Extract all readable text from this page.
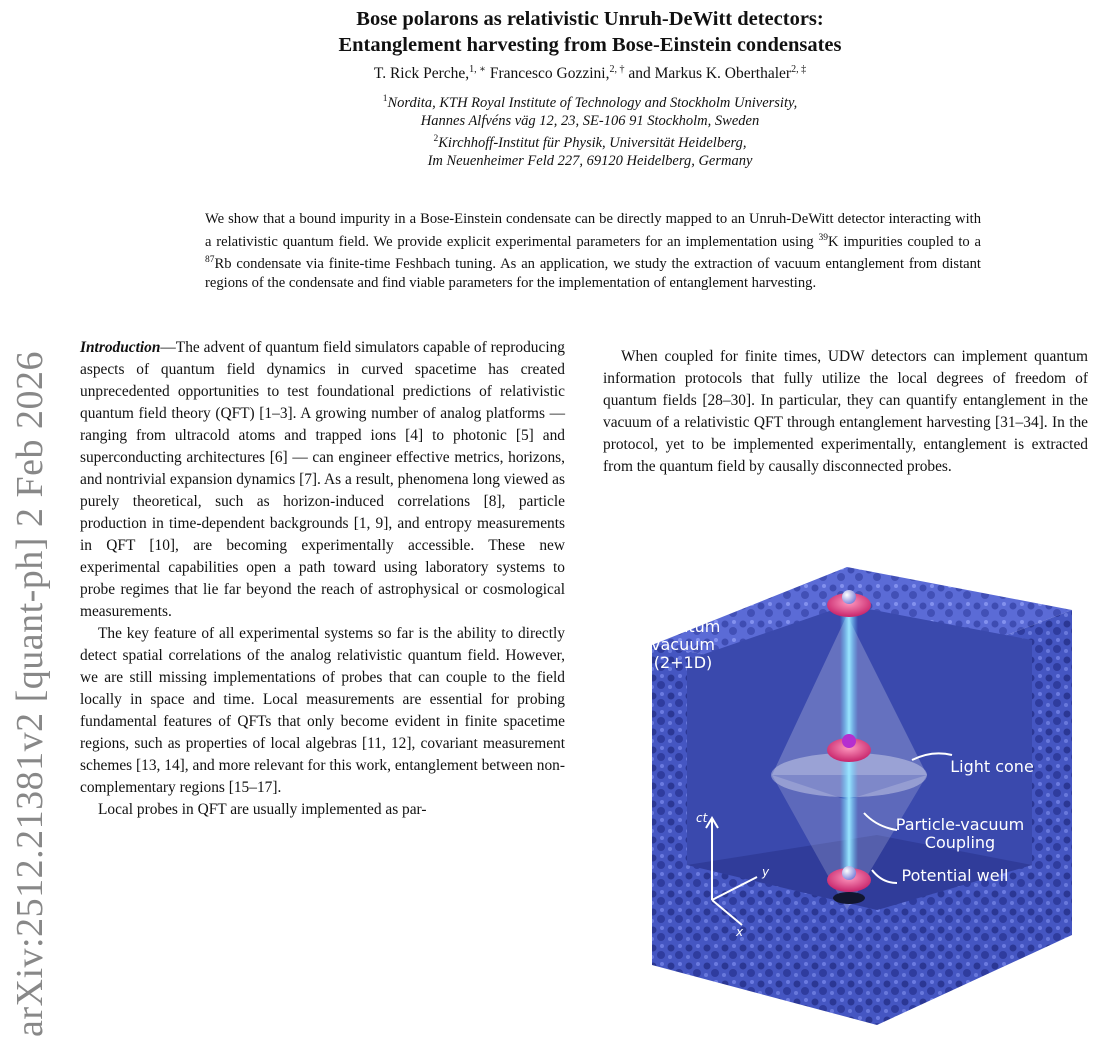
arXiv:2512.21381v2 [quant-ph] 2 Feb 2026
Bose polarons as relativistic Unruh-DeWitt detectors:
Entanglement harvesting from Bose-Einstein condensates
T. Rick Perche,$^{1, ∗}$ Francesco Gozzini,$^{2, \dagger}$ and Markus K. Oberthaler$^{2, \ddagger}$
$^1$Nordita, KTH Royal Institute of Technology and Stockholm University,
Hannes Alfvéns väg 12, 23, SE-106 91 Stockholm, Sweden
$^2$Kirchhoff-Institut für Physik, Universität Heidelberg,
Im Neuenheimer Feld 227, 69120 Heidelberg, Germany
We show that a bound impurity in a Bose-Einstein condensate can be directly mapped to an Unruh-DeWitt detector interacting with a relativistic quantum field. We provide explicit experimental parameters for an implementation using $^{39}$K impurities coupled to a $^{87}$Rb condensate via finite-time Feshbach tuning. As an application, we study the extraction of vacuum entanglement from distant regions of the condensate and find viable parameters for the implementation of entanglement harvesting.

Introduction—The advent of quantum field simulators capable of reproducing aspects of quantum field dynamics in curved spacetime has created unprecedented opportunities to test foundational predictions of relativistic quantum field theory (QFT) [1–3]. A growing number of analog platforms — ranging from ultracold atoms and trapped ions [4] to photonic [5] and superconducting architectures [6] — can engineer effective metrics, horizons, and nontrivial expansion dynamics [7]. As a result, phenomena long viewed as purely theoretical, such as horizon-induced correlations [8], particle production in time-dependent backgrounds [1, 9], and entropy measurements in QFT [10], are becoming experimentally accessible. These new experimental capabilities open a path toward using laboratory systems to probe regimes that lie far beyond the reach of astrophysical or cosmological measurements.

The key feature of all experimental systems so far is the ability to directly detect spatial correlations of the analog relativistic quantum field. However, we are still missing implementations of probes that can couple to the field locally in space and time. Local measurements are essential for probing fundamental features of QFTs that only become evident in finite spacetime regions, such as properties of local algebras [11, 12], covariant measurement schemes [13, 14], and more relevant for this work, entanglement between non-complementary regions [15–17].

Local probes in QFT are usually implemented as par-

When coupled for finite times, UDW detectors can implement quantum information protocols that fully utilize the local degrees of freedom of quantum fields [28–30]. In particular, they can quantify entanglement in the vacuum of a relativistic QFT through entanglement harvesting [31–34]. In the protocol, yet to be implemented experimentally, entanglement is extracted from the quantum field by causally disconnected probes.

Quantum
vacuum
(2+1D)
Light cone
Particle-vacuum
Coupling
Potential well
ct
y
x
